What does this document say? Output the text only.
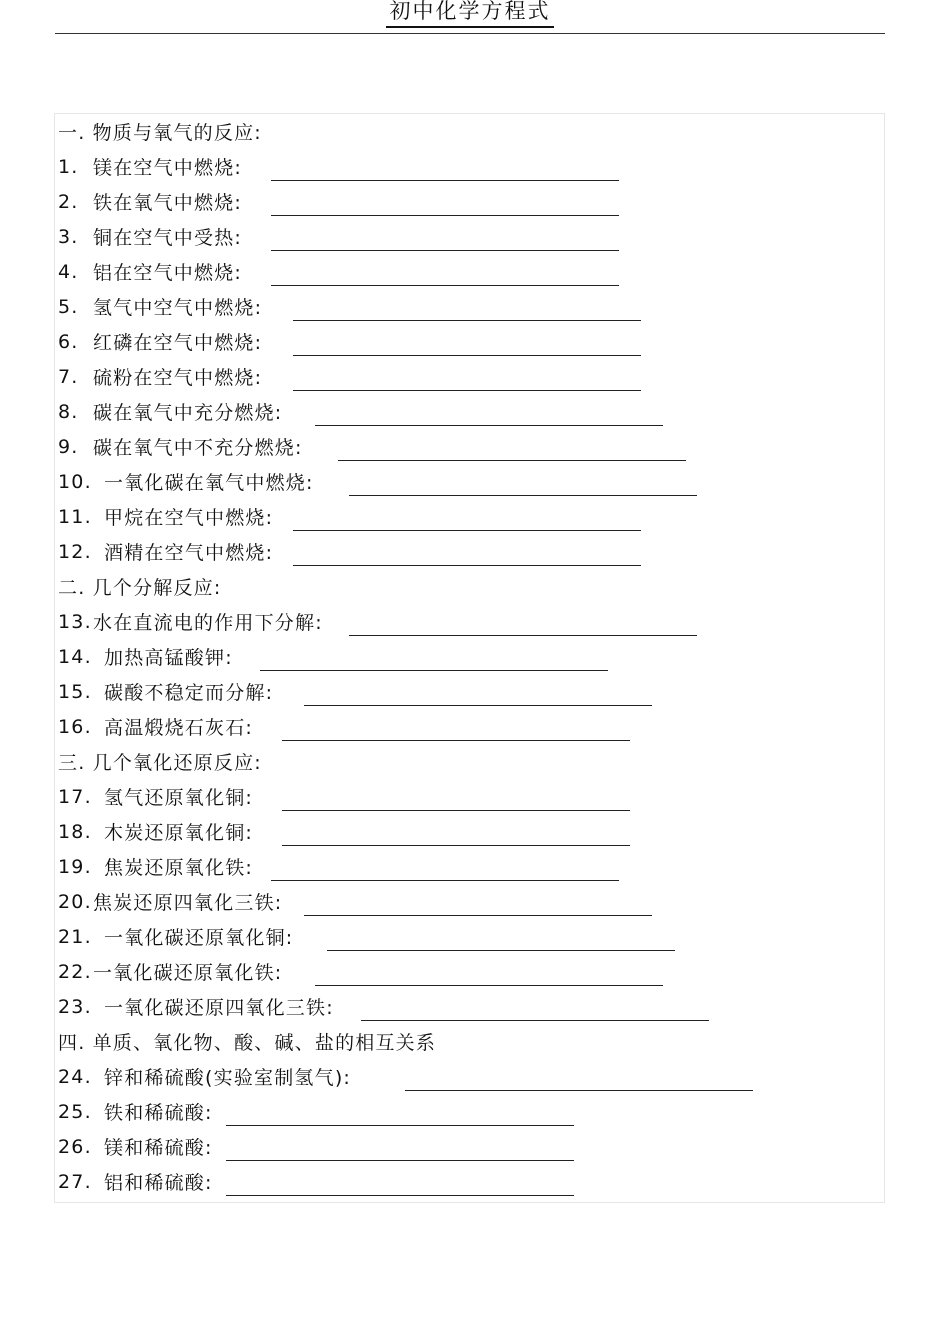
初中化学方程式
一. 物质与氧气的反应:
1. 镁在空气中燃烧:
2. 铁在氧气中燃烧:
3. 铜在空气中受热:
4. 铝在空气中燃烧:
5. 氢气中空气中燃烧:
6. 红磷在空气中燃烧:
7. 硫粉在空气中燃烧:
8. 碳在氧气中充分燃烧:
9. 碳在氧气中不充分燃烧:
10. 一氧化碳在氧气中燃烧:
11. 甲烷在空气中燃烧:
12. 酒精在空气中燃烧:
二. 几个分解反应:
13. 水在直流电的作用下分解:
14. 加热高锰酸钾:
15. 碳酸不稳定而分解:
16. 高温煅烧石灰石:
三. 几个氧化还原反应:
17. 氢气还原氧化铜:
18. 木炭还原氧化铜:
19. 焦炭还原氧化铁:
20. 焦炭还原四氧化三铁:
21. 一氧化碳还原氧化铜:
22. 一氧化碳还原氧化铁:
23. 一氧化碳还原四氧化三铁:
四. 单质、氧化物、酸、碱、盐的相互关系
24. 锌和稀硫酸(实验室制氢气):
25. 铁和稀硫酸:
26. 镁和稀硫酸:
27. 铝和稀硫酸:
